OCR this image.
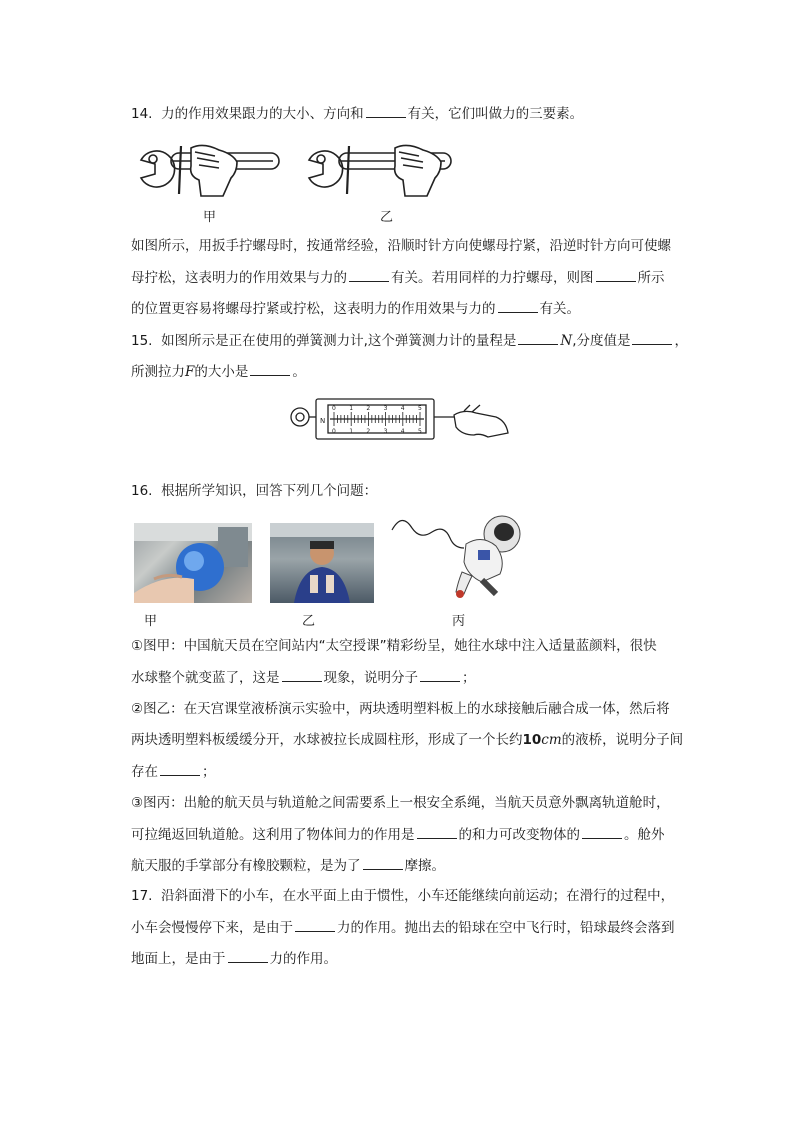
14. 力的作用效果跟力的大小、方向和	有关，它们叫做力的三要素。
甲	乙
如图所示，用扳手拧螺母时，按通常经验，沿顺时针方向使螺母拧紧，沿逆时针方向可使螺
母拧松，这表明力的作用效果与力的	有关。若用同样的力拧螺母，则图	所示
的位置更容易将螺母拧紧或拧松，这表明力的作用效果与力的	有关。
15. 如图所示是正在使用的弹簧测力计,这个弹簧测力计的量程是	N,分度值是	，
所测拉力F的大小是	。
N
0 1 2 3 4 5
0 1 2 3 4 5
16. 根据所学知识，回答下列几个问题：
甲	乙	丙
①图甲：中国航天员在空间站内“太空授课”精彩纷呈，她往水球中注入适量蓝颜料，很快
水球整个就变蓝了，这是	现象，说明分子	；
②图乙：在天宫课堂液桥演示实验中，两块透明塑料板上的水球接触后融合成一体，然后将
两块透明塑料板缓缓分开，水球被拉长成圆柱形，形成了一个长约10cm的液桥，说明分子间
存在	；
③图丙：出舱的航天员与轨道舱之间需要系上一根安全系绳，当航天员意外飘离轨道舱时，
可拉绳返回轨道舱。这利用了物体间力的作用是	的和力可改变物体的	。舱外
航天服的手掌部分有橡胶颗粒，是为了	摩擦。
17. 沿斜面滑下的小车，在水平面上由于惯性，小车还能继续向前运动；在滑行的过程中，
小车会慢慢停下来，是由于	力的作用。抛出去的铅球在空中飞行时，铅球最终会落到
地面上，是由于	力的作用。
